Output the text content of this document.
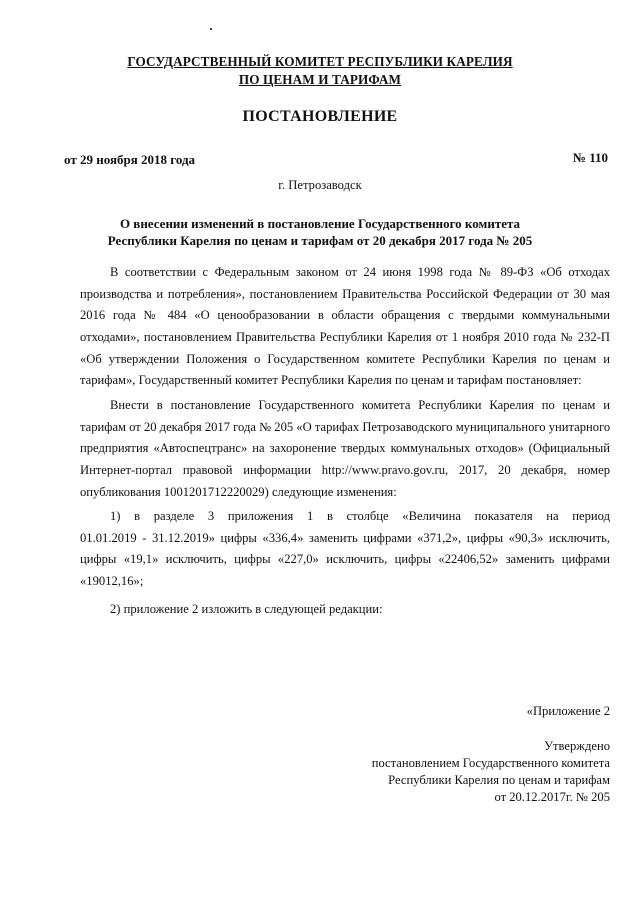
ГОСУДАРСТВЕННЫЙ КОМИТЕТ РЕСПУБЛИКИ КАРЕЛИЯ
ПО ЦЕНАМ И ТАРИФАМ
ПОСТАНОВЛЕНИЕ
от 29 ноября 2018 года	№ 110
г. Петрозаводск
О внесении изменений в постановление Государственного комитета
Республики Карелия по ценам и тарифам от 20 декабря 2017 года № 205
В соответствии с Федеральным законом от 24 июня 1998 года № 89-ФЗ «Об отходах
производства и потребления», постановлением Правительства Российской Федерации от 30 мая
2016 года № 484 «О ценообразовании в области обращения с твердыми коммунальными
отходами», постановлением Правительства Республики Карелия от 1 ноября 2010 года № 232-П
«Об утверждении Положения о Государственном комитете Республики Карелия по ценам и
тарифам», Государственный комитет Республики Карелия по ценам и тарифам постановляет:
Внести в постановление Государственного комитета Республики Карелия по ценам и
тарифам от 20 декабря 2017 года № 205 «О тарифах Петрозаводского муниципального унитарного
предприятия «Автоспецтранс» на захоронение твердых коммунальных отходов» (Официальный
Интернет-портал правовой информации http://www.pravo.gov.ru, 2017, 20 декабря, номер
опубликования 1001201712220029) следующие изменения:
1) в разделе 3 приложения 1 в столбце «Величина показателя на период
01.01.2019 - 31.12.2019» цифры «336,4» заменить цифрами «371,2», цифры «90,3» исключить,
цифры «19,1» исключить, цифры «227,0» исключить, цифры «22406,52» заменить цифрами
«19012,16»;
2) приложение 2 изложить в следующей редакции:
«Приложение 2
Утверждено
постановлением Государственного комитета
Республики Карелия по ценам и тарифам
от 20.12.2017г. № 205
